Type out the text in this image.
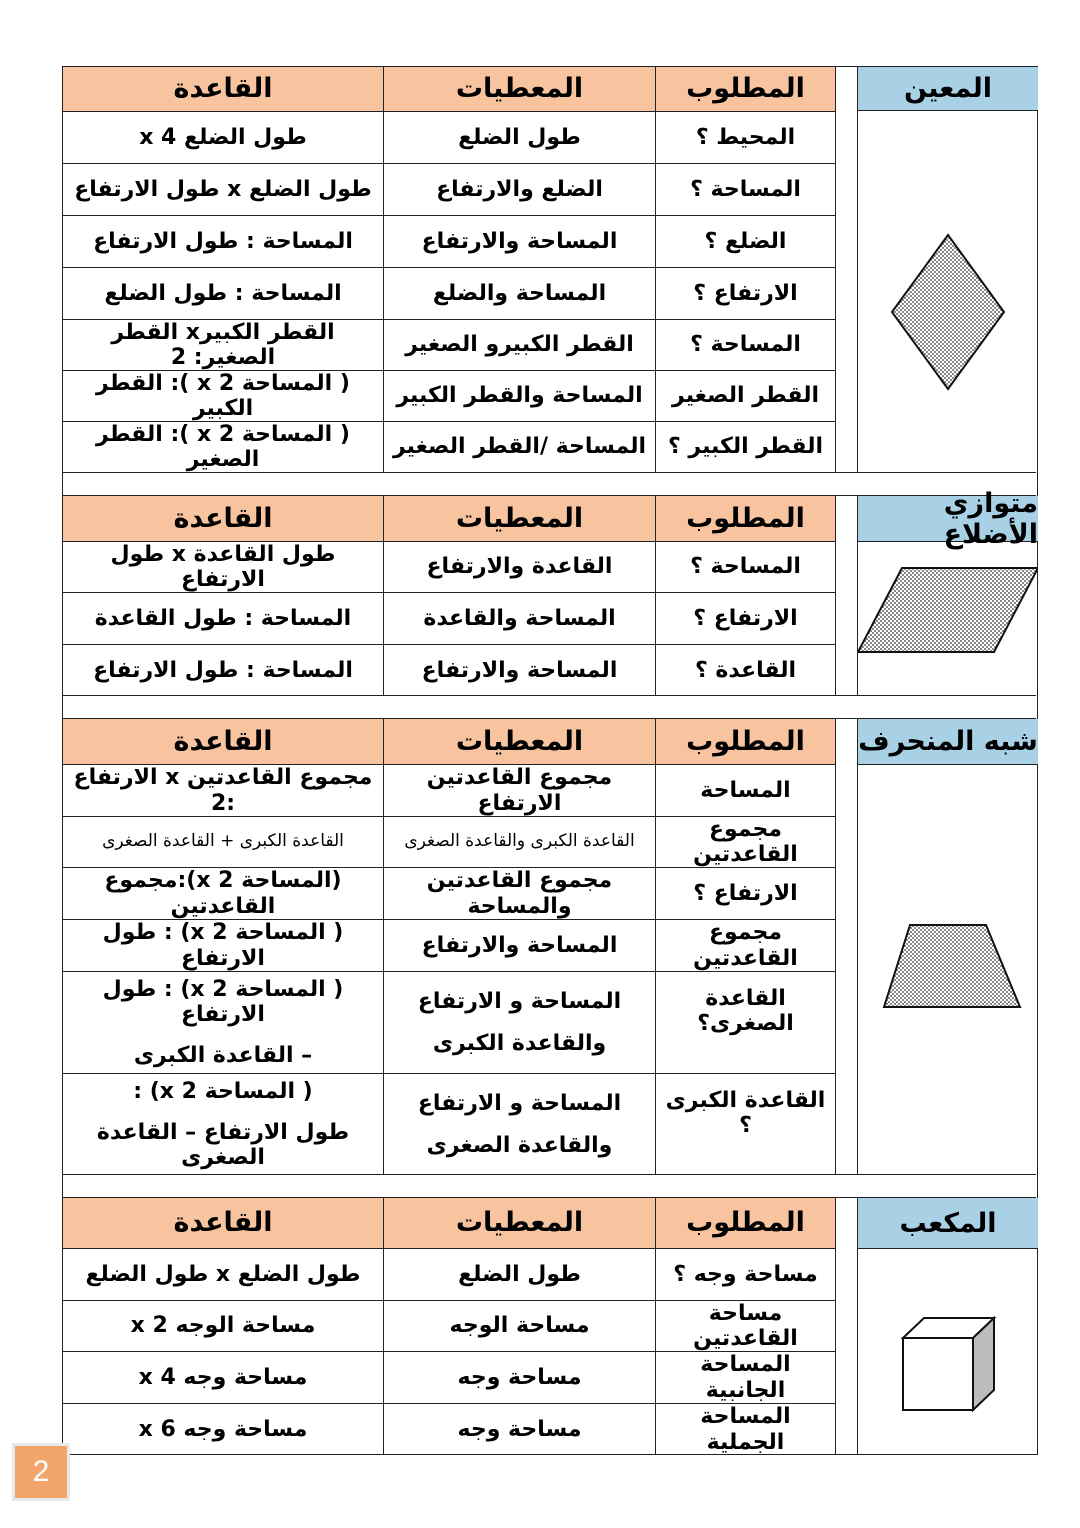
المطلوب
المعطيات
القاعدة
المحيط ؟
طول الضلع
طول الضلع x 4
المساحة ؟
الضلع والارتفاع
طول الضلع x طول الارتفاع
الضلع ؟
المساحة والارتفاع
المساحة : طول الارتفاع
الارتفاع ؟
المساحة والضلع
المساحة : طول الضلع
المساحة ؟
القطر الكبيرو الصغير
القطر الكبيرx القطر الصغير: 2
القطر الصغير
المساحة والقطر الكبير
( المساحة x 2 ): القطر الكبير
القطر الكبير ؟
المساحة /القطر الصغير
( المساحة x 2 ): القطر الصغير
المعين
المطلوب
المعطيات
القاعدة
المساحة ؟
القاعدة والارتفاع
طول القاعدة x طول الارتفاع
الارتفاع ؟
المساحة والقاعدة
المساحة : طول القاعدة
القاعدة ؟
المساحة والارتفاع
المساحة : طول الارتفاع
متوازي الأضلاع
المطلوب
المعطيات
القاعدة
المساحة
مجموع القاعدتين الارتفاع
مجموع القاعدتين x الارتفاع :2
مجموع القاعدتين
القاعدة الكبرى والقاعدة الصغرى
القاعدة الكبرى + القاعدة الصغرى
الارتفاع ؟
مجموع القاعدتين والمساحة
(المساحة x 2):مجموع القاعدتين
مجموع القاعدتين
المساحة والارتفاع
( المساحة x 2) : طول الارتفاع
القاعدة الصغرى؟
المساحة و الارتفاع
والقاعدة الكبرى
( المساحة x 2) : طول الارتفاع
– القاعدة الكبرى
القاعدة الكبرى ؟
المساحة و الارتفاع
والقاعدة الصغرى
( المساحة x 2) :
طول الارتفاع – القاعدة الصغرى
شبه المنحرف
المطلوب
المعطيات
القاعدة
مساحة وجه ؟
طول الضلع
طول الضلع x طول الضلع
مساحة القاعدتين
مساحة الوجه
مساحة الوجه x 2
المساحة الجانبية
مساحة وجه
مساحة وجه x 4
المساحة الجملية
مساحة وجه
مساحة وجه x 6
المكعب
2
